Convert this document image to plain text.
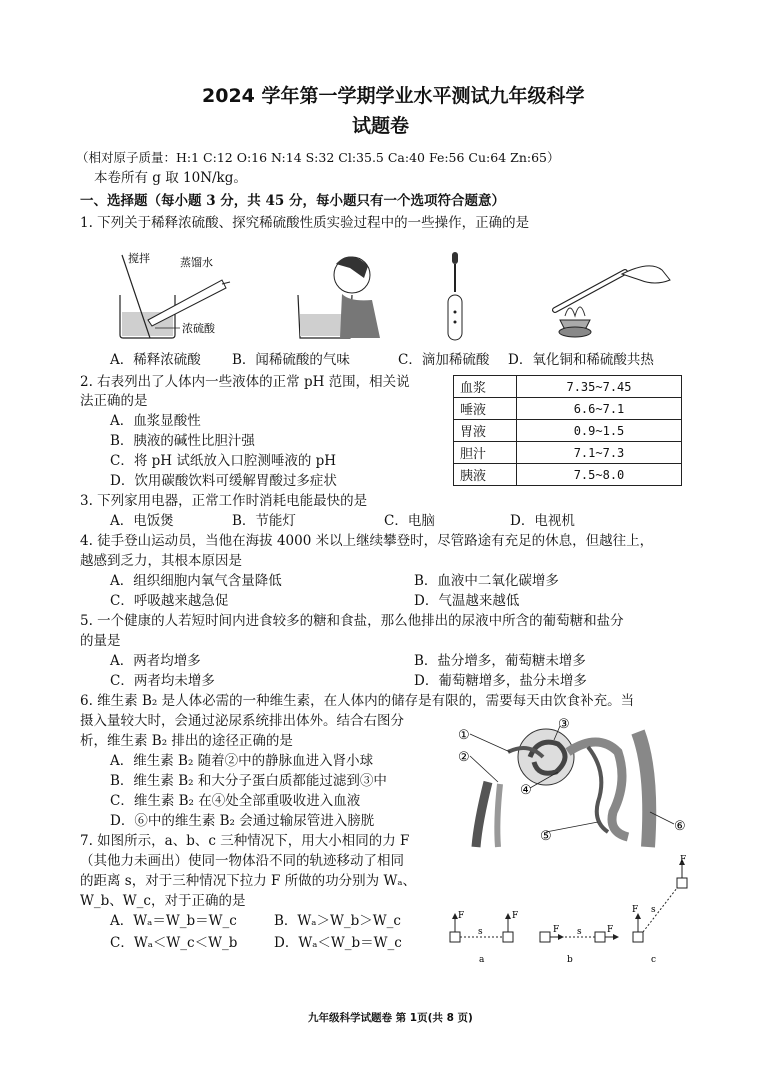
2024 学年第一学期学业水平测试九年级科学
试题卷
（相对原子质量：H:1 C:12 O:16 N:14 S:32 Cl:35.5 Ca:40 Fe:56 Cu:64 Zn:65）
本卷所有 g 取 10N/kg。
一、选择题（每小题 3 分，共 45 分，每小题只有一个选项符合题意）
1. 下列关于稀释浓硫酸、探究稀硫酸性质实验过程中的一些操作，正确的是
搅拌	蒸馏水
浓硫酸
A．稀释浓硫酸 B．闻稀硫酸的气味	C．滴加稀硫酸 D．氧化铜和稀硫酸共热
2. 右表列出了人体内一些液体的正常 pH 范围，相关说
法正确的是
A．血浆显酸性
B．胰液的碱性比胆汁强
C．将 pH 试纸放入口腔测唾液的 pH
D．饮用碳酸饮料可缓解胃酸过多症状
血浆	7.35~7.45
唾液	6.6~7.1
胃液	0.9~1.5
胆汁	7.1~7.3
胰液	7.5~8.0
3. 下列家用电器，正常工作时消耗电能最快的是
A．电饭煲	B．节能灯	C．电脑	D．电视机
4. 徒手登山运动员，当他在海拔 4000 米以上继续攀登时，尽管路途有充足的休息，但越往上，
越感到乏力，其根本原因是
A．组织细胞内氧气含量降低	B．血液中二氧化碳增多
C．呼吸越来越急促	D．气温越来越低
5. 一个健康的人若短时间内进食较多的糖和食盐，那么他排出的尿液中所含的葡萄糖和盐分
的量是
A．两者均增多	B．盐分增多，葡萄糖未增多
C．两者均未增多	D．葡萄糖增多，盐分未增多
6. 维生素 B₂ 是人体必需的一种维生素，在人体内的储存是有限的，需要每天由饮食补充。当
摄入量较大时，会通过泌尿系统排出体外。结合右图分
析，维生素 B₂ 排出的途径正确的是
A．维生素 B₂ 随着②中的静脉血进入肾小球
B．维生素 B₂ 和大分子蛋白质都能过滤到③中
C．维生素 B₂ 在④处全部重吸收进入血液
D．⑥中的维生素 B₂ 会通过输尿管进入膀胱
①
②
③
④
⑤
⑥
7. 如图所示，a、b、c 三种情况下，用大小相同的力 F
（其他力未画出）使同一物体沿不同的轨迹移动了相同
的距离 s，对于三种情况下拉力 F 所做的功分别为 Wₐ、
W_b、W_c，对于正确的是
A．Wₐ＝W_b＝W_c	B．Wₐ＞W_b＞W_c
C．Wₐ＜W_c＜W_b	D．Wₐ＜W_b＝W_c
F	F
s
a
F	F
s
b
F
F
s
c
九年级科学试题卷 第 1页(共 8 页)
